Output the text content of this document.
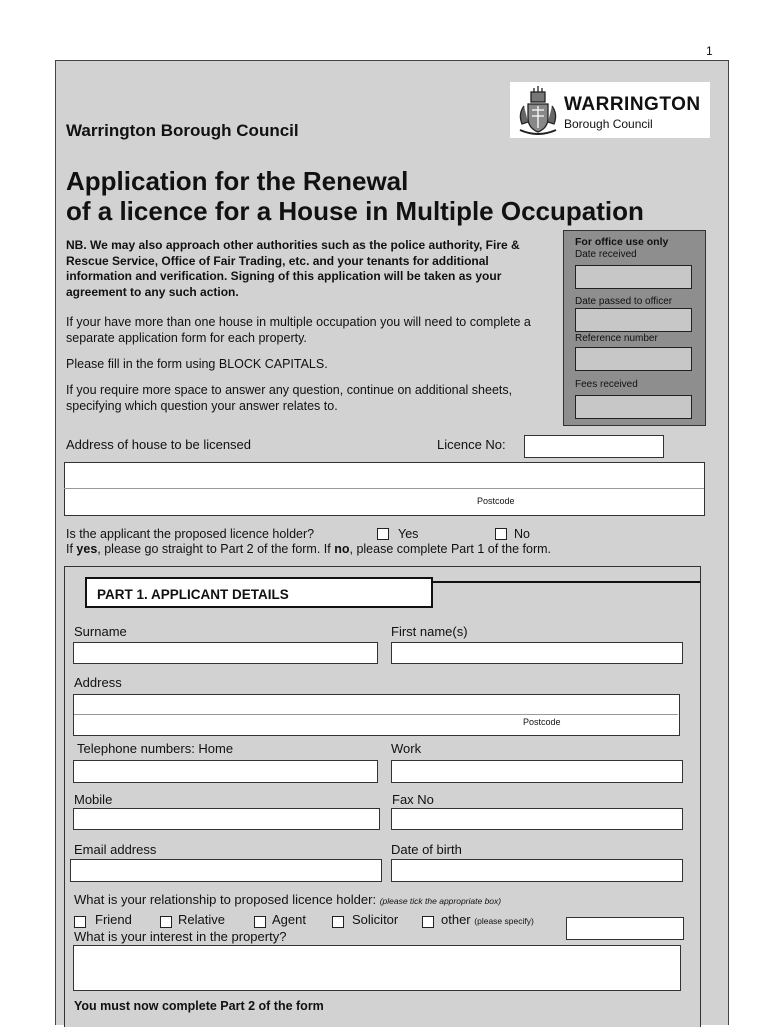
1
WARRINGTON
Borough Council
Warrington Borough Council
Application for the Renewal
of a licence for a House in Multiple Occupation
NB. We may also approach other authorities such as the police authority, Fire & Rescue Service, Office of Fair Trading, etc. and your tenants for additional information and verification. Signing of this application will be taken as your agreement to any such action.
If your have more than one house in multiple occupation you will need to complete a separate application form for each property.
Please fill in the form using BLOCK CAPITALS.
If you require more space to answer any question, continue on additional sheets, specifying which question your answer relates to.
For office use only
Date received
Date passed to officer
Reference number
Fees received
Address of house to be licensed	Licence No:
Postcode
Is the applicant the proposed licence holder?	Yes	No
If yes, please go straight to Part 2 of the form. If no, please complete Part 1 of the form.
PART 1. APPLICANT DETAILS
Surname	First name(s)
Address
Postcode
Telephone numbers: Home	Work
Mobile	Fax No
Email address	Date of birth
What is your relationship to proposed licence holder: (please tick the appropriate box)
Friend	Relative	Agent	Solicitor	other (please specify)
What is your interest in the property?
You must now complete Part 2 of the form
